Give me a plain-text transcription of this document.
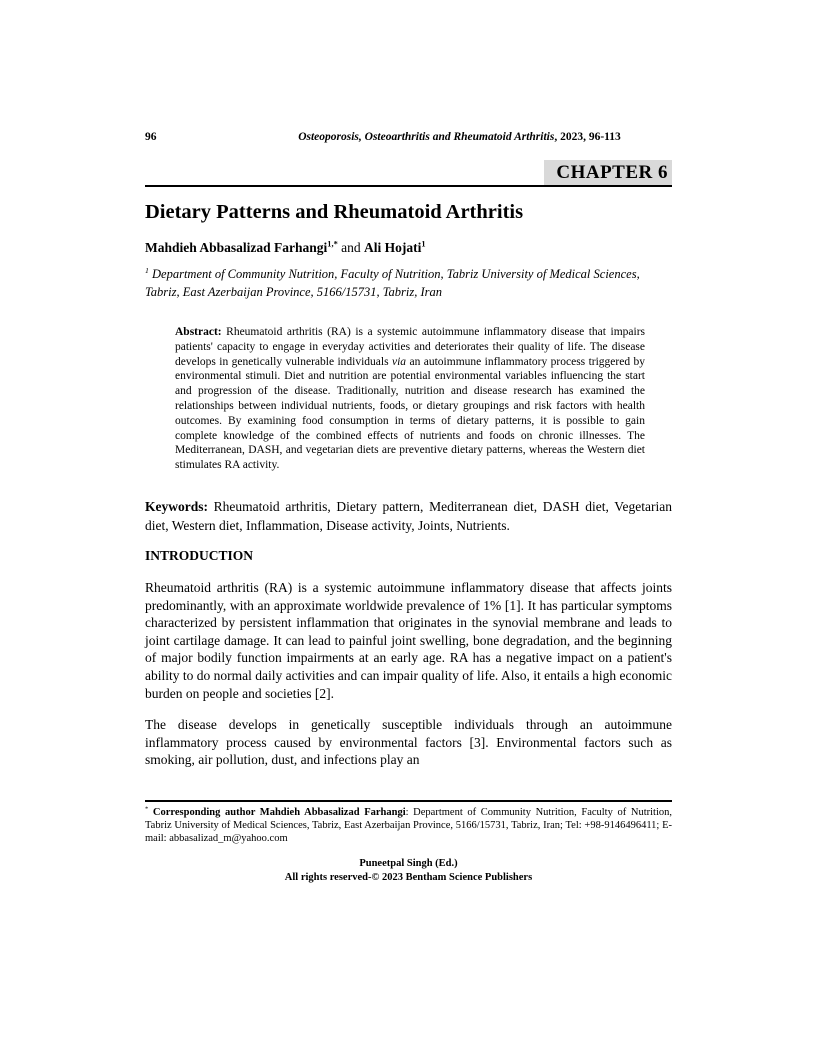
96	Osteoporosis, Osteoarthritis and Rheumatoid Arthritis, 2023, 96-113
CHAPTER 6
Dietary Patterns and Rheumatoid Arthritis

Mahdieh Abbasalizad Farhangi$^{1,*}$ and Ali Hojati$^1$

$^1$ Department of Community Nutrition, Faculty of Nutrition, Tabriz University of Medical Sciences, Tabriz, East Azerbaijan Province, 5166/15731, Tabriz, Iran

Abstract: Rheumatoid arthritis (RA) is a systemic autoimmune inflammatory disease that impairs patients' capacity to engage in everyday activities and deteriorates their quality of life. The disease develops in genetically vulnerable individuals via an autoimmune inflammatory process triggered by environmental stimuli. Diet and nutrition are potential environmental variables influencing the start and progression of the disease. Traditionally, nutrition and disease research has examined the relationships between individual nutrients, foods, or dietary groupings and risk factors with health outcomes. By examining food consumption in terms of dietary patterns, it is possible to gain complete knowledge of the combined effects of nutrients and foods on chronic illnesses. The Mediterranean, DASH, and vegetarian diets are preventive dietary patterns, whereas the Western diet stimulates RA activity.

Keywords: Rheumatoid arthritis, Dietary pattern, Mediterranean diet, DASH diet, Vegetarian diet, Western diet, Inflammation, Disease activity, Joints, Nutrients.

INTRODUCTION

Rheumatoid arthritis (RA) is a systemic autoimmune inflammatory disease that affects joints predominantly, with an approximate worldwide prevalence of 1% [1]. It has particular symptoms characterized by persistent inflammation that originates in the synovial membrane and leads to joint cartilage damage. It can lead to painful joint swelling, bone degradation, and the beginning of major bodily function impairments at an early age. RA has a negative impact on a patient's ability to do normal daily activities and can impair quality of life. Also, it entails a high economic burden on people and societies [2].

The disease develops in genetically susceptible individuals through an autoimmune inflammatory process caused by environmental factors [3]. Environmental factors such as smoking, air pollution, dust, and infections play an

* Corresponding author Mahdieh Abbasalizad Farhangi: Department of Community Nutrition, Faculty of Nutrition, Tabriz University of Medical Sciences, Tabriz, East Azerbaijan Province, 5166/15731, Tabriz, Iran; Tel: +98-9146496411; E-mail: abbasalizad_m@yahoo.com

Puneetpal Singh (Ed.)

All rights reserved-© 2023 Bentham Science Publishers
